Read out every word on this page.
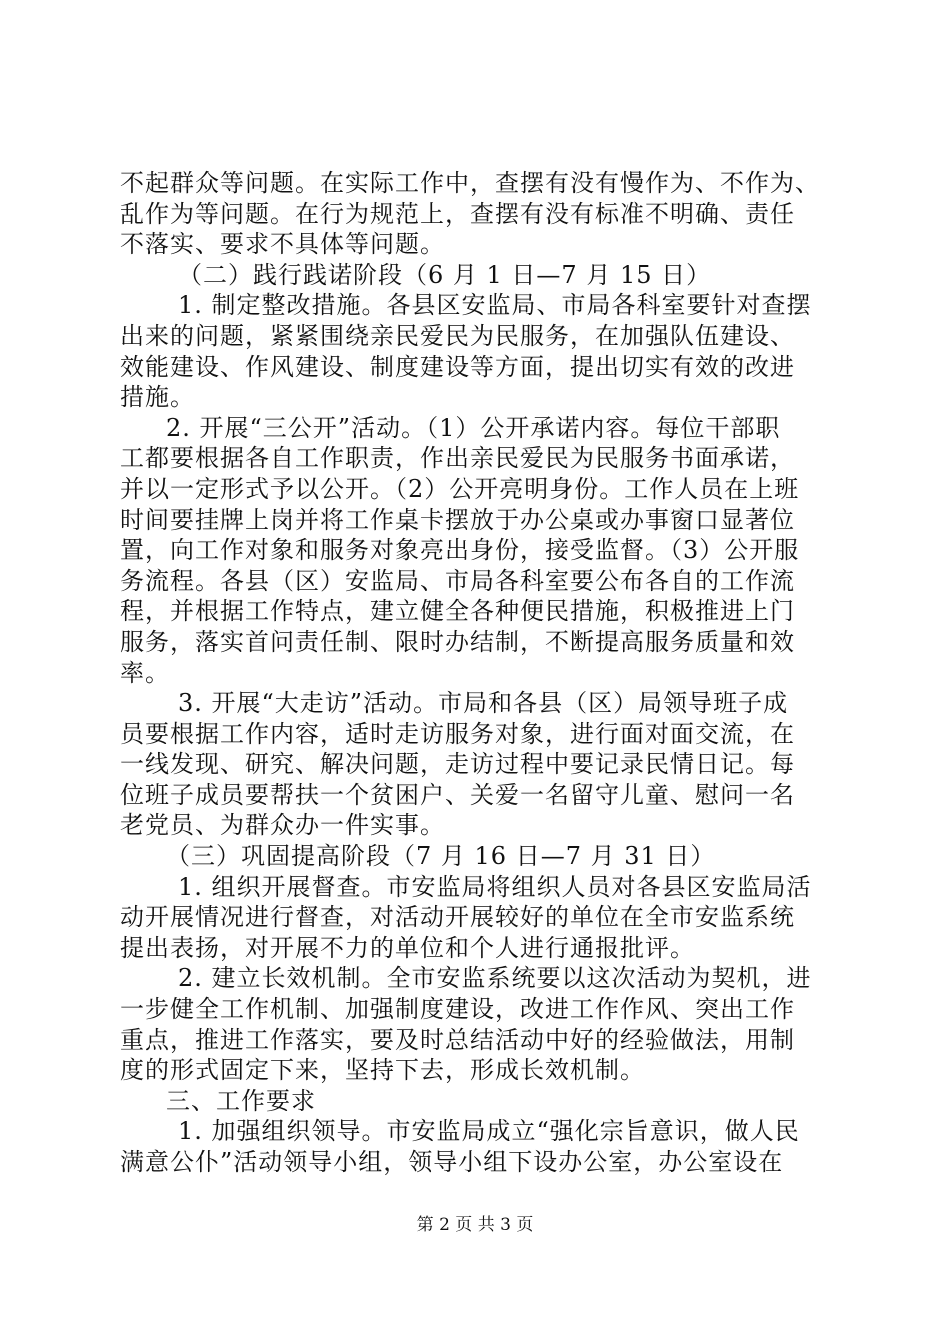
不起群众等问题。在实际工作中，查摆有没有慢作为、不作为、
乱作为等问题。在行为规范上，查摆有没有标准不明确、责任
不落实、要求不具体等问题。
（二）践行践诺阶段（6 月 1 日—7 月 15 日）
1. 制定整改措施。各县区安监局、市局各科室要针对查摆
出来的问题，紧紧围绕亲民爱民为民服务，在加强队伍建设、
效能建设、作风建设、制度建设等方面，提出切实有效的改进
措施。
2. 开展“三公开”活动。（1）公开承诺内容。每位干部职
工都要根据各自工作职责，作出亲民爱民为民服务书面承诺，
并以一定形式予以公开。（2）公开亮明身份。工作人员在上班
时间要挂牌上岗并将工作桌卡摆放于办公桌或办事窗口显著位
置，向工作对象和服务对象亮出身份，接受监督。（3）公开服
务流程。各县（区）安监局、市局各科室要公布各自的工作流
程，并根据工作特点，建立健全各种便民措施，积极推进上门
服务，落实首问责任制、限时办结制，不断提高服务质量和效
率。
3. 开展“大走访”活动。市局和各县（区）局领导班子成
员要根据工作内容，适时走访服务对象，进行面对面交流，在
一线发现、研究、解决问题，走访过程中要记录民情日记。每
位班子成员要帮扶一个贫困户、关爱一名留守儿童、慰问一名
老党员、为群众办一件实事。
（三）巩固提高阶段（7 月 16 日—7 月 31 日）
1. 组织开展督查。市安监局将组织人员对各县区安监局活
动开展情况进行督查，对活动开展较好的单位在全市安监系统
提出表扬，对开展不力的单位和个人进行通报批评。
2. 建立长效机制。全市安监系统要以这次活动为契机，进
一步健全工作机制、加强制度建设，改进工作作风、突出工作
重点，推进工作落实，要及时总结活动中好的经验做法，用制
度的形式固定下来，坚持下去，形成长效机制。
三、工作要求
1. 加强组织领导。市安监局成立“强化宗旨意识，做人民
满意公仆”活动领导小组，领导小组下设办公室，办公室设在
第 2 页 共 3 页
